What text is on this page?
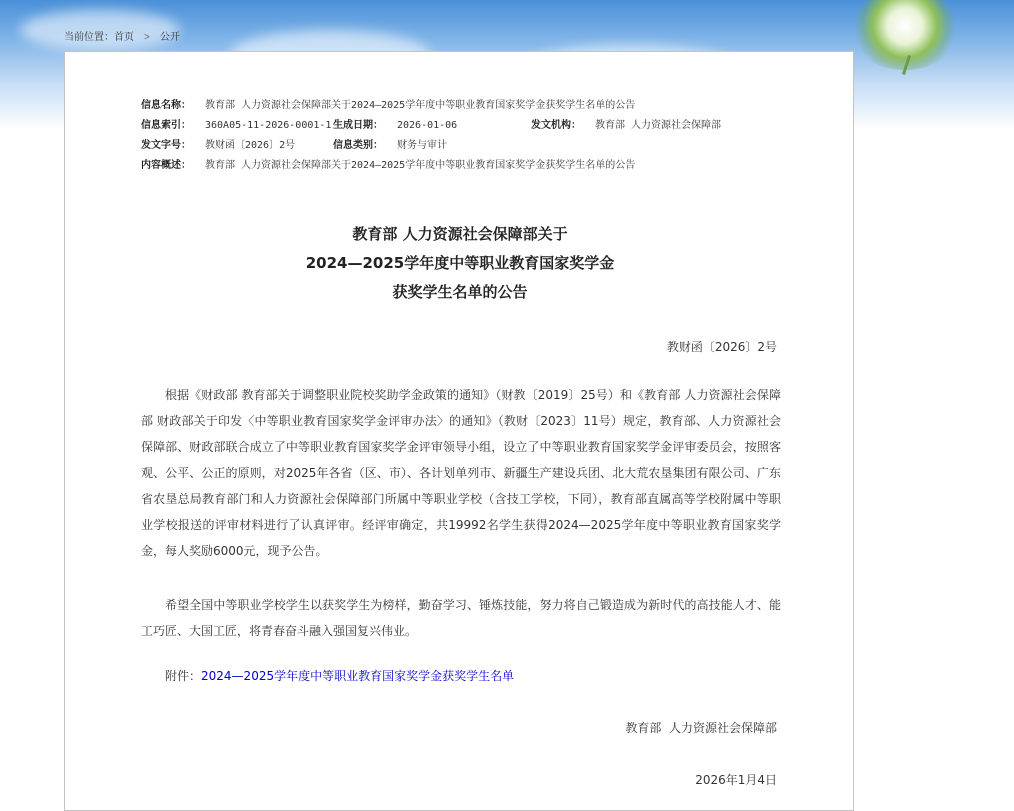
当前位置：首页 > 公开
信息名称： 教育部 人力资源社会保障部关于2024—2025学年度中等职业教育国家奖学金获奖学生名单的公告
信息索引： 360A05-11-2026-0001-1 生成日期： 2026-01-06	发文机构： 教育部 人力资源社会保障部
发文字号： 教财函〔2026〕2号	信息类别： 财务与审计
内容概述： 教育部 人力资源社会保障部关于2024—2025学年度中等职业教育国家奖学金获奖学生名单的公告
教育部 人力资源社会保障部关于
2024—2025学年度中等职业教育国家奖学金
获奖学生名单的公告
教财函〔2026〕2号
根据《财政部 教育部关于调整职业院校奖助学金政策的通知》（财教〔2019〕25号）和《教育部 人力资源社会保障部 财政部关于印发〈中等职业教育国家奖学金评审办法〉的通知》（教财〔2023〕11号）规定，教育部、人力资源社会保障部、财政部联合成立了中等职业教育国家奖学金评审领导小组，设立了中等职业教育国家奖学金评审委员会，按照客观、公平、公正的原则，对2025年各省（区、市）、各计划单列市、新疆生产建设兵团、北大荒农垦集团有限公司、广东省农垦总局教育部门和人力资源社会保障部门所属中等职业学校（含技工学校，下同），教育部直属高等学校附属中等职业学校报送的评审材料进行了认真评审。经评审确定，共19992名学生获得2024—2025学年度中等职业教育国家奖学金，每人奖励6000元，现予公告。
希望全国中等职业学校学生以获奖学生为榜样，勤奋学习、锤炼技能，努力将自己锻造成为新时代的高技能人才、能工巧匠、大国工匠，将青春奋斗融入强国复兴伟业。
附件：2024—2025学年度中等职业教育国家奖学金获奖学生名单
教育部  人力资源社会保障部
2026年1月4日
